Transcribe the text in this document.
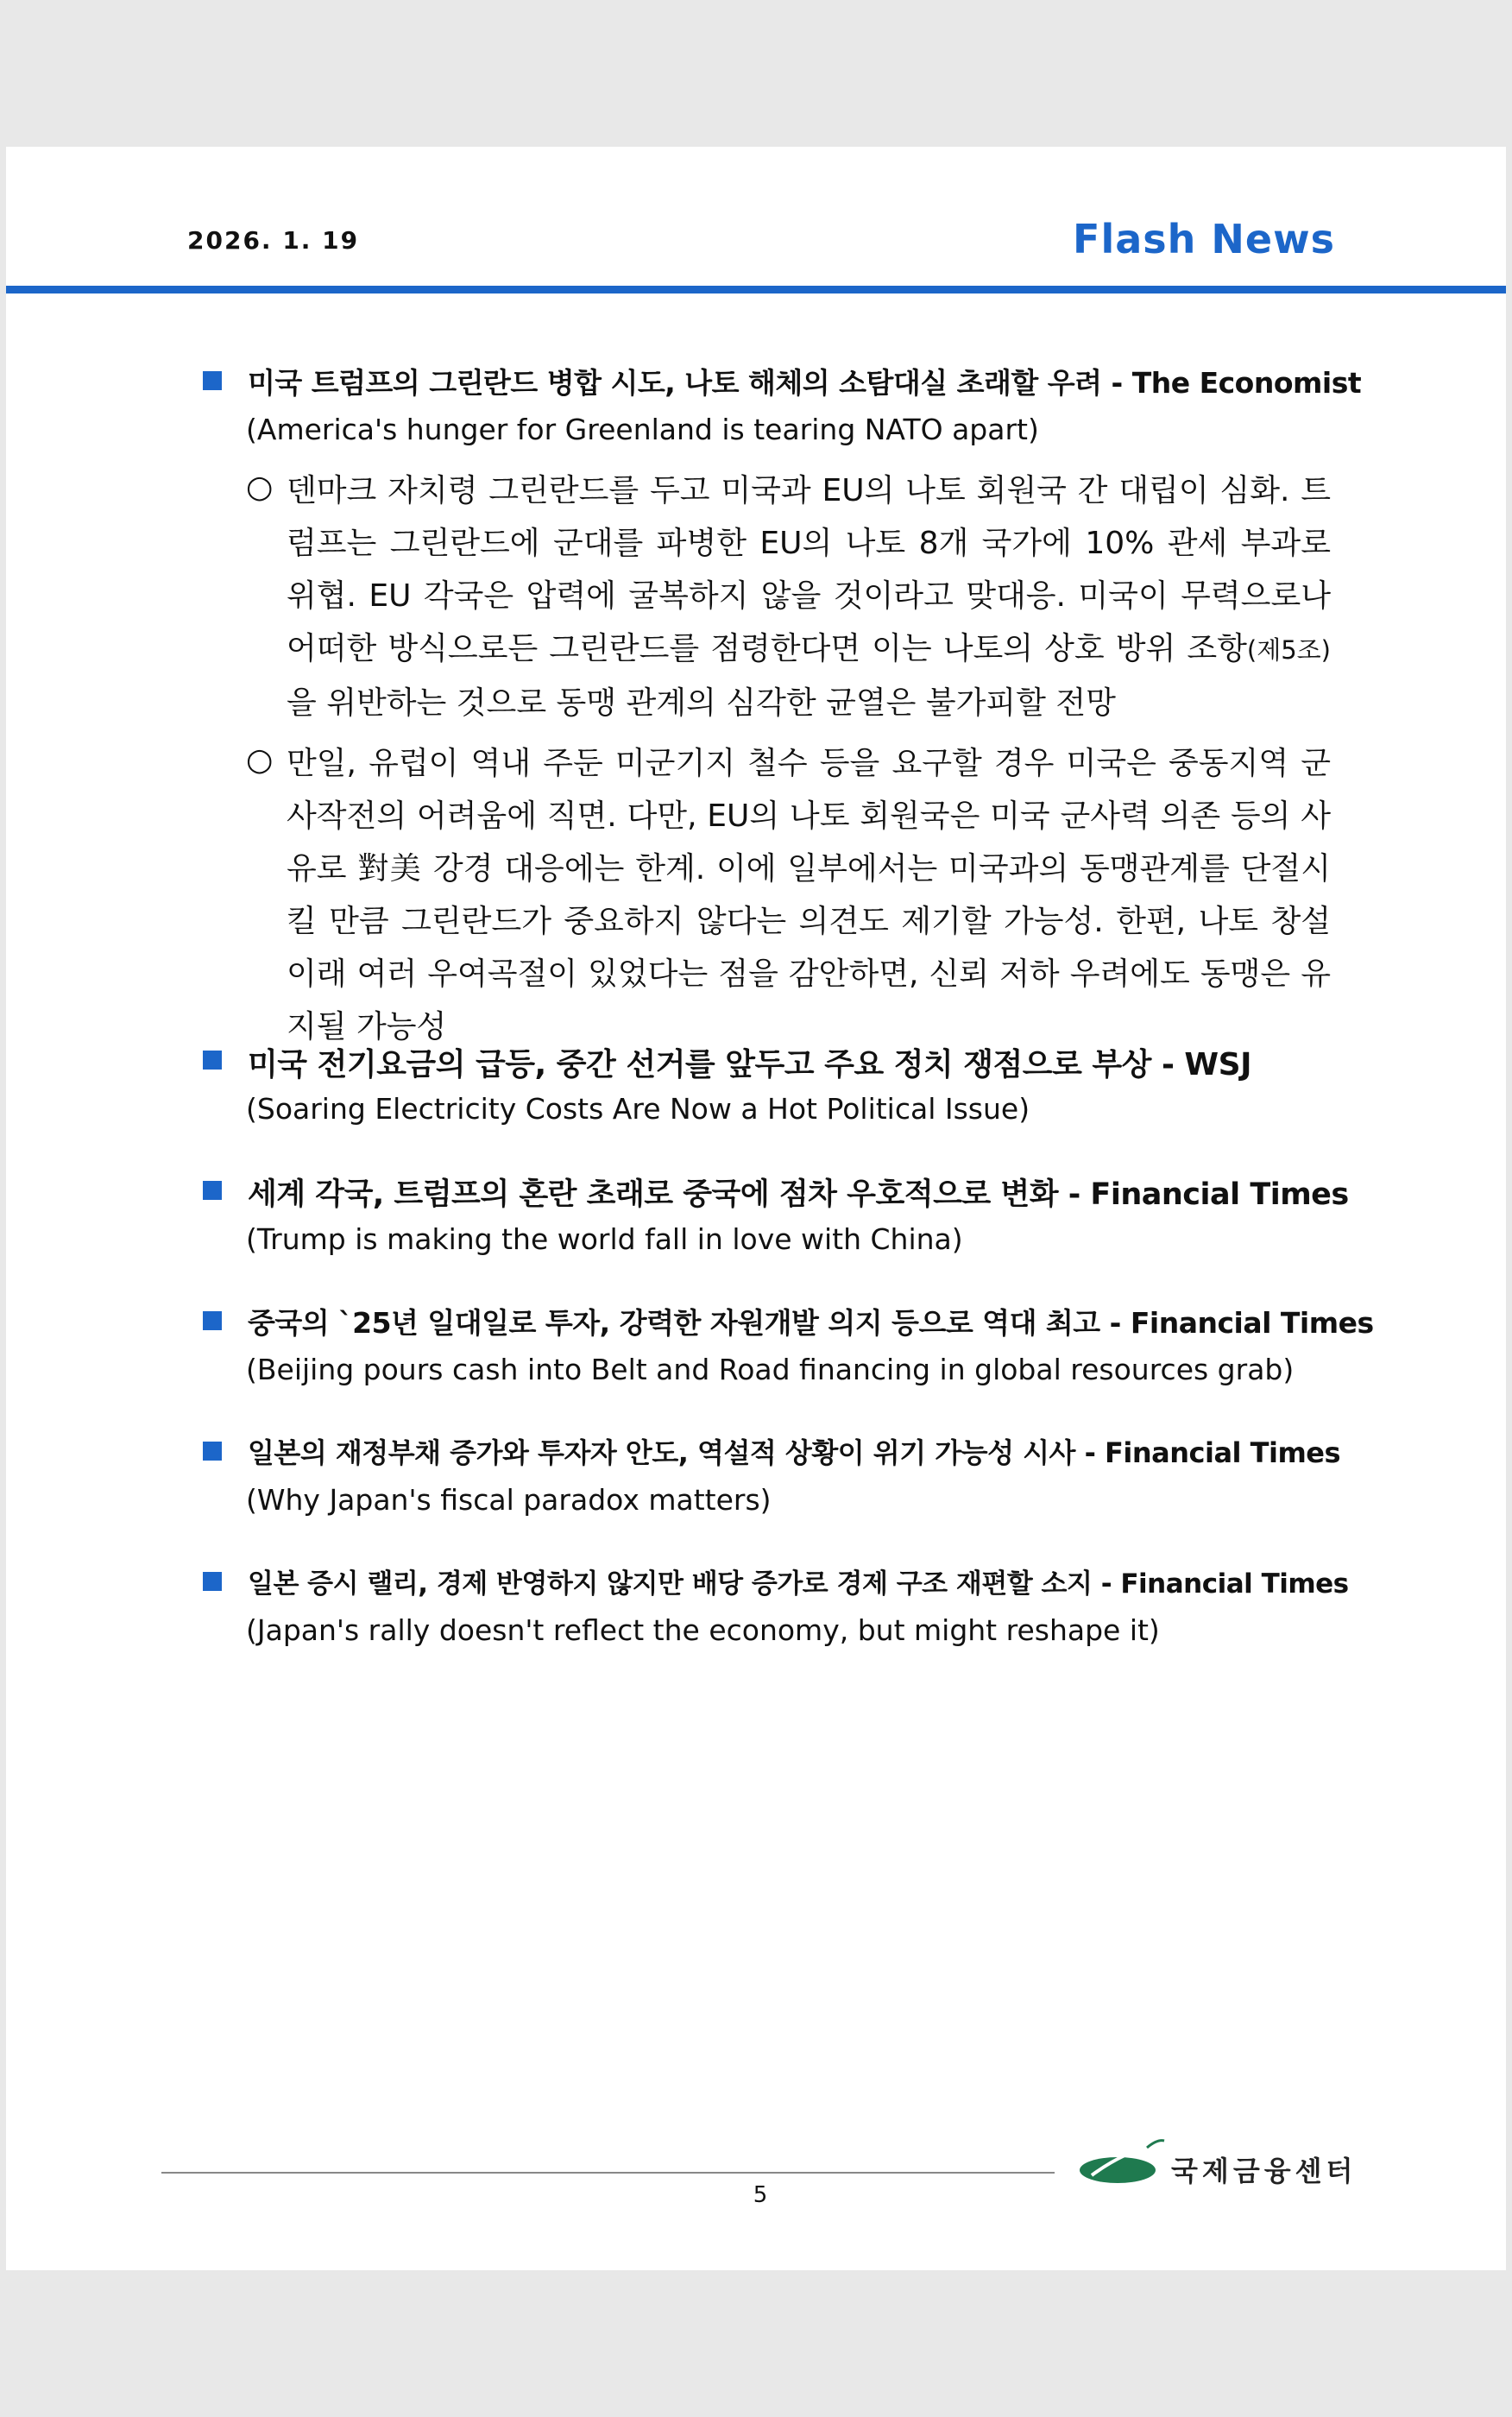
2026. 1. 19	Flash News
미국 트럼프의 그린란드 병합 시도, 나토 해체의 소탐대실 초래할 우려 - The Economist
(America's hunger for Greenland is tearing NATO apart)
○ 덴마크 자치령 그린란드를 두고 미국과 EU의 나토 회원국 간 대립이 심화. 트럼프는 그린란드에 군대를 파병한 EU의 나토 8개 국가에 10% 관세 부과로 위협. EU 각국은 압력에 굴복하지 않을 것이라고 맞대응. 미국이 무력으로나 어떠한 방식으로든 그린란드를 점령한다면 이는 나토의 상호 방위 조항(제5조)을 위반하는 것으로 동맹 관계의 심각한 균열은 불가피할 전망
○ 만일, 유럽이 역내 주둔 미군기지 철수 등을 요구할 경우 미국은 중동지역 군사작전의 어려움에 직면. 다만, EU의 나토 회원국은 미국 군사력 의존 등의 사유로 對美 강경 대응에는 한계. 이에 일부에서는 미국과의 동맹관계를 단절시킬 만큼 그린란드가 중요하지 않다는 의견도 제기할 가능성. 한편, 나토 창설 이래 여러 우여곡절이 있었다는 점을 감안하면, 신뢰 저하 우려에도 동맹은 유지될 가능성
미국 전기요금의 급등, 중간 선거를 앞두고 주요 정치 쟁점으로 부상 - WSJ
(Soaring Electricity Costs Are Now a Hot Political Issue)
세계 각국, 트럼프의 혼란 초래로 중국에 점차 우호적으로 변화 - Financial Times
(Trump is making the world fall in love with China)
중국의 `25년 일대일로 투자, 강력한 자원개발 의지 등으로 역대 최고 - Financial Times
(Beijing pours cash into Belt and Road financing in global resources grab)
일본의 재정부채 증가와 투자자 안도, 역설적 상황이 위기 가능성 시사 - Financial Times
(Why Japan's fiscal paradox matters)
일본 증시 랠리, 경제 반영하지 않지만 배당 증가로 경제 구조 재편할 소지 - Financial Times
(Japan's rally doesn't reflect the economy, but might reshape it)
5
국제금융센터
